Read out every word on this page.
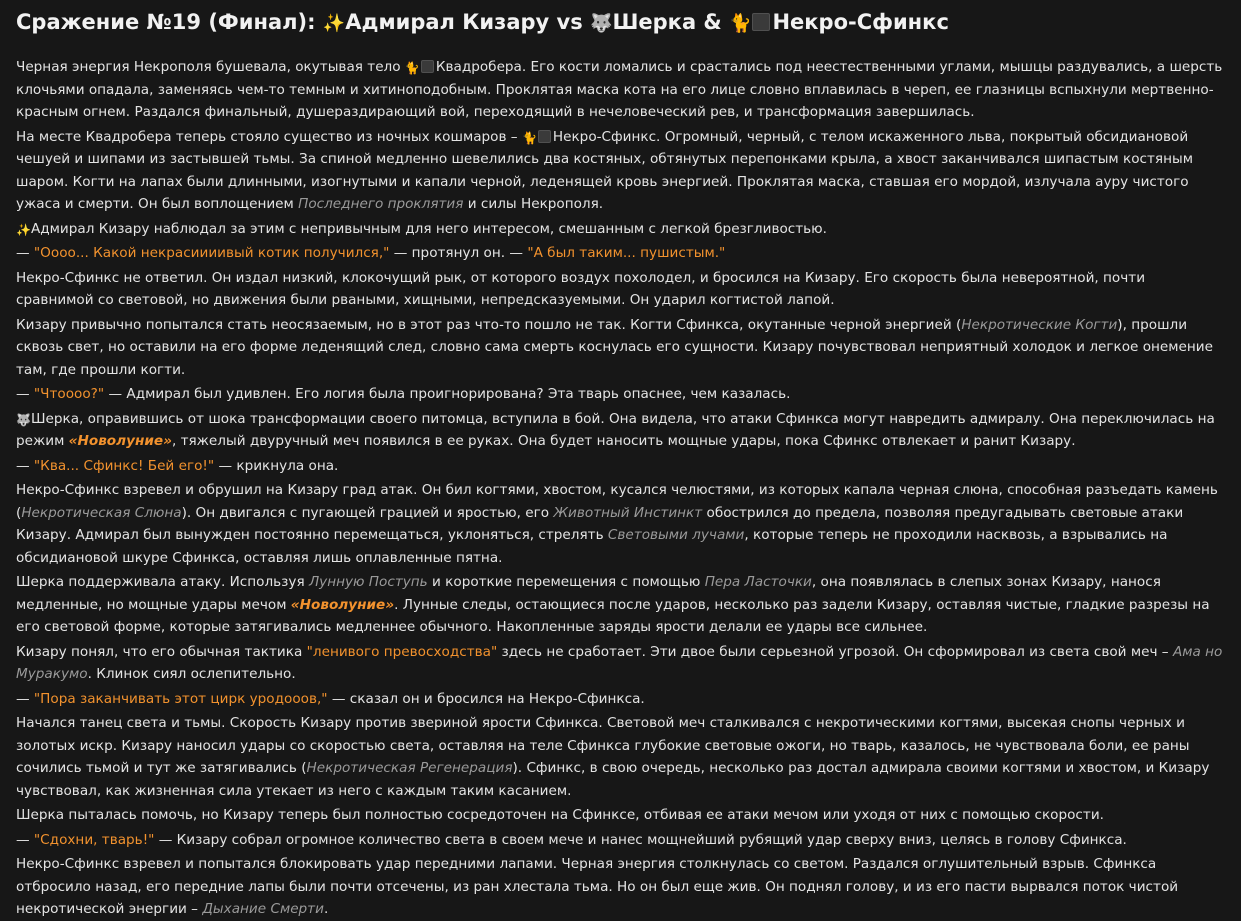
Сражение №19 (Финал): ✨Адмирал Кизару vs 🐺Шерка & 🐈 Некро-Сфинкс
Черная энергия Некрополя бушевала, окутывая тело 🐈 Квадробера. Его кости ломались и срастались под неестественными углами, мышцы раздувались, а шерсть клочьями опадала, заменяясь чем-то темным и хитиноподобным. Проклятая маска кота на его лице словно вплавилась в череп, ее глазницы вспыхнули мертвенно-красным огнем. Раздался финальный, душераздирающий вой, переходящий в нечеловеческий рев, и трансформация завершилась.
На месте Квадробера теперь стояло существо из ночных кошмаров – 🐈 Некро-Сфинкс. Огромный, черный, с телом искаженного льва, покрытый обсидиановой чешуей и шипами из застывшей тьмы. За спиной медленно шевелились два костяных, обтянутых перепонками крыла, а хвост заканчивался шипастым костяным шаром. Когти на лапах были длинными, изогнутыми и капали черной, леденящей кровь энергией. Проклятая маска, ставшая его мордой, излучала ауру чистого ужаса и смерти. Он был воплощением Последнего проклятия и силы Некрополя.
✨Адмирал Кизару наблюдал за этим с непривычным для него интересом, смешанным с легкой брезгливостью.
— "Оооо... Какой некрасиииивый котик получился," — протянул он. — "А был таким... пушистым."
Некро-Сфинкс не ответил. Он издал низкий, клокочущий рык, от которого воздух похолодел, и бросился на Кизару. Его скорость была невероятной, почти сравнимой со световой, но движения были рваными, хищными, непредсказуемыми. Он ударил когтистой лапой.
Кизару привычно попытался стать неосязаемым, но в этот раз что-то пошло не так. Когти Сфинкса, окутанные черной энергией (Некротические Когти), прошли сквозь свет, но оставили на его форме леденящий след, словно сама смерть коснулась его сущности. Кизару почувствовал неприятный холодок и легкое онемение там, где прошли когти.
— "Чтоооо?" — Адмирал был удивлен. Его логия была проигнорирована? Эта тварь опаснее, чем казалась.
🐺Шерка, оправившись от шока трансформации своего питомца, вступила в бой. Она видела, что атаки Сфинкса могут навредить адмиралу. Она переключилась на режим «Новолуние», тяжелый двуручный меч появился в ее руках. Она будет наносить мощные удары, пока Сфинкс отвлекает и ранит Кизару.
— "Ква... Сфинкс! Бей его!" — крикнула она.
Некро-Сфинкс взревел и обрушил на Кизару град атак. Он бил когтями, хвостом, кусался челюстями, из которых капала черная слюна, способная разъедать камень (Некротическая Слюна). Он двигался с пугающей грацией и яростью, его Животный Инстинкт обострился до предела, позволяя предугадывать световые атаки Кизару. Адмирал был вынужден постоянно перемещаться, уклоняться, стрелять Световыми лучами, которые теперь не проходили насквозь, а взрывались на обсидиановой шкуре Сфинкса, оставляя лишь оплавленные пятна.
Шерка поддерживала атаку. Используя Лунную Поступь и короткие перемещения с помощью Пера Ласточки, она появлялась в слепых зонах Кизару, нанося медленные, но мощные удары мечом «Новолуние». Лунные следы, остающиеся после ударов, несколько раз задели Кизару, оставляя чистые, гладкие разрезы на его световой форме, которые затягивались медленнее обычного. Накопленные заряды ярости делали ее удары все сильнее.
Кизару понял, что его обычная тактика "ленивого превосходства" здесь не сработает. Эти двое были серьезной угрозой. Он сформировал из света свой меч – Ама но Муракумо. Клинок сиял ослепительно.
— "Пора заканчивать этот цирк уродооов," — сказал он и бросился на Некро-Сфинкса.
Начался танец света и тьмы. Скорость Кизару против звериной ярости Сфинкса. Световой меч сталкивался с некротическими когтями, высекая снопы черных и золотых искр. Кизару наносил удары со скоростью света, оставляя на теле Сфинкса глубокие световые ожоги, но тварь, казалось, не чувствовала боли, ее раны сочились тьмой и тут же затягивались (Некротическая Регенерация). Сфинкс, в свою очередь, несколько раз достал адмирала своими когтями и хвостом, и Кизару чувствовал, как жизненная сила утекает из него с каждым таким касанием.
Шерка пыталась помочь, но Кизару теперь был полностью сосредоточен на Сфинксе, отбивая ее атаки мечом или уходя от них с помощью скорости.
— "Сдохни, тварь!" — Кизару собрал огромное количество света в своем мече и нанес мощнейший рубящий удар сверху вниз, целясь в голову Сфинкса.
Некро-Сфинкс взревел и попытался блокировать удар передними лапами. Черная энергия столкнулась со светом. Раздался оглушительный взрыв. Сфинкса отбросило назад, его передние лапы были почти отсечены, из ран хлестала тьма. Но он был еще жив. Он поднял голову, и из его пасти вырвался поток чистой некротической энергии – Дыхание Смерти.
